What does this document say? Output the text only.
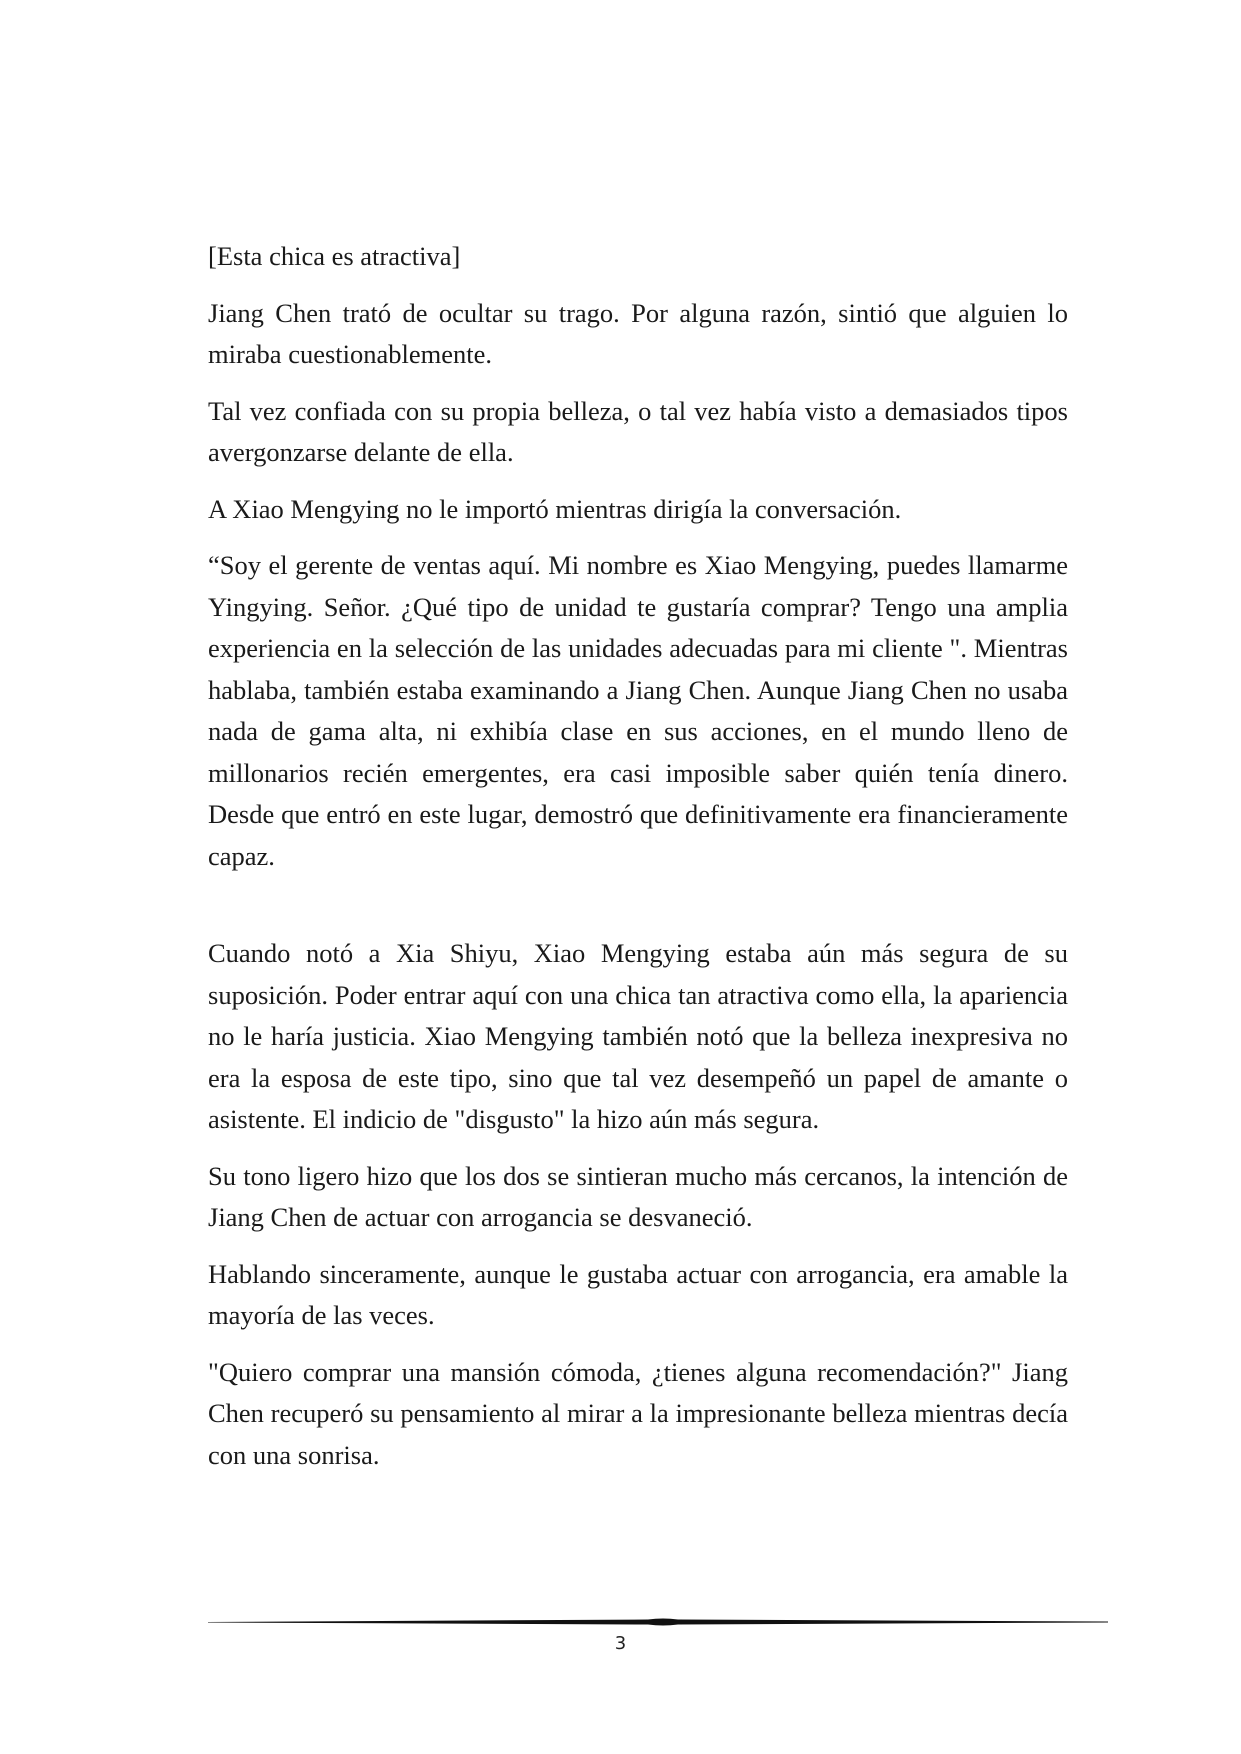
[Esta chica es atractiva]

Jiang Chen trató de ocultar su trago. Por alguna razón, sintió que alguien lo miraba cuestionablemente.

Tal vez confiada con su propia belleza, o tal vez había visto a demasiados tipos avergonzarse delante de ella.

A Xiao Mengying no le importó mientras dirigía la conversación.

“Soy el gerente de ventas aquí. Mi nombre es Xiao Mengying, puedes llamarme Yingying. Señor. ¿Qué tipo de unidad te gustaría comprar? Tengo una amplia experiencia en la selección de las unidades adecuadas para mi cliente ". Mientras hablaba, también estaba examinando a Jiang Chen. Aunque Jiang Chen no usaba nada de gama alta, ni exhibía clase en sus acciones, en el mundo lleno de millonarios recién emergentes, era casi imposible saber quién tenía dinero. Desde que entró en este lugar, demostró que definitivamente era financieramente capaz.

Cuando notó a Xia Shiyu, Xiao Mengying estaba aún más segura de su suposición. Poder entrar aquí con una chica tan atractiva como ella, la apariencia no le haría justicia. Xiao Mengying también notó que la belleza inexpresiva no era la esposa de este tipo, sino que tal vez desempeñó un papel de amante o asistente. El indicio de "disgusto" la hizo aún más segura.

Su tono ligero hizo que los dos se sintieran mucho más cercanos, la intención de Jiang Chen de actuar con arrogancia se desvaneció.

Hablando sinceramente, aunque le gustaba actuar con arrogancia, era amable la mayoría de las veces.

"Quiero comprar una mansión cómoda, ¿tienes alguna recomendación?" Jiang Chen recuperó su pensamiento al mirar a la impresionante belleza mientras decía con una sonrisa.

3
